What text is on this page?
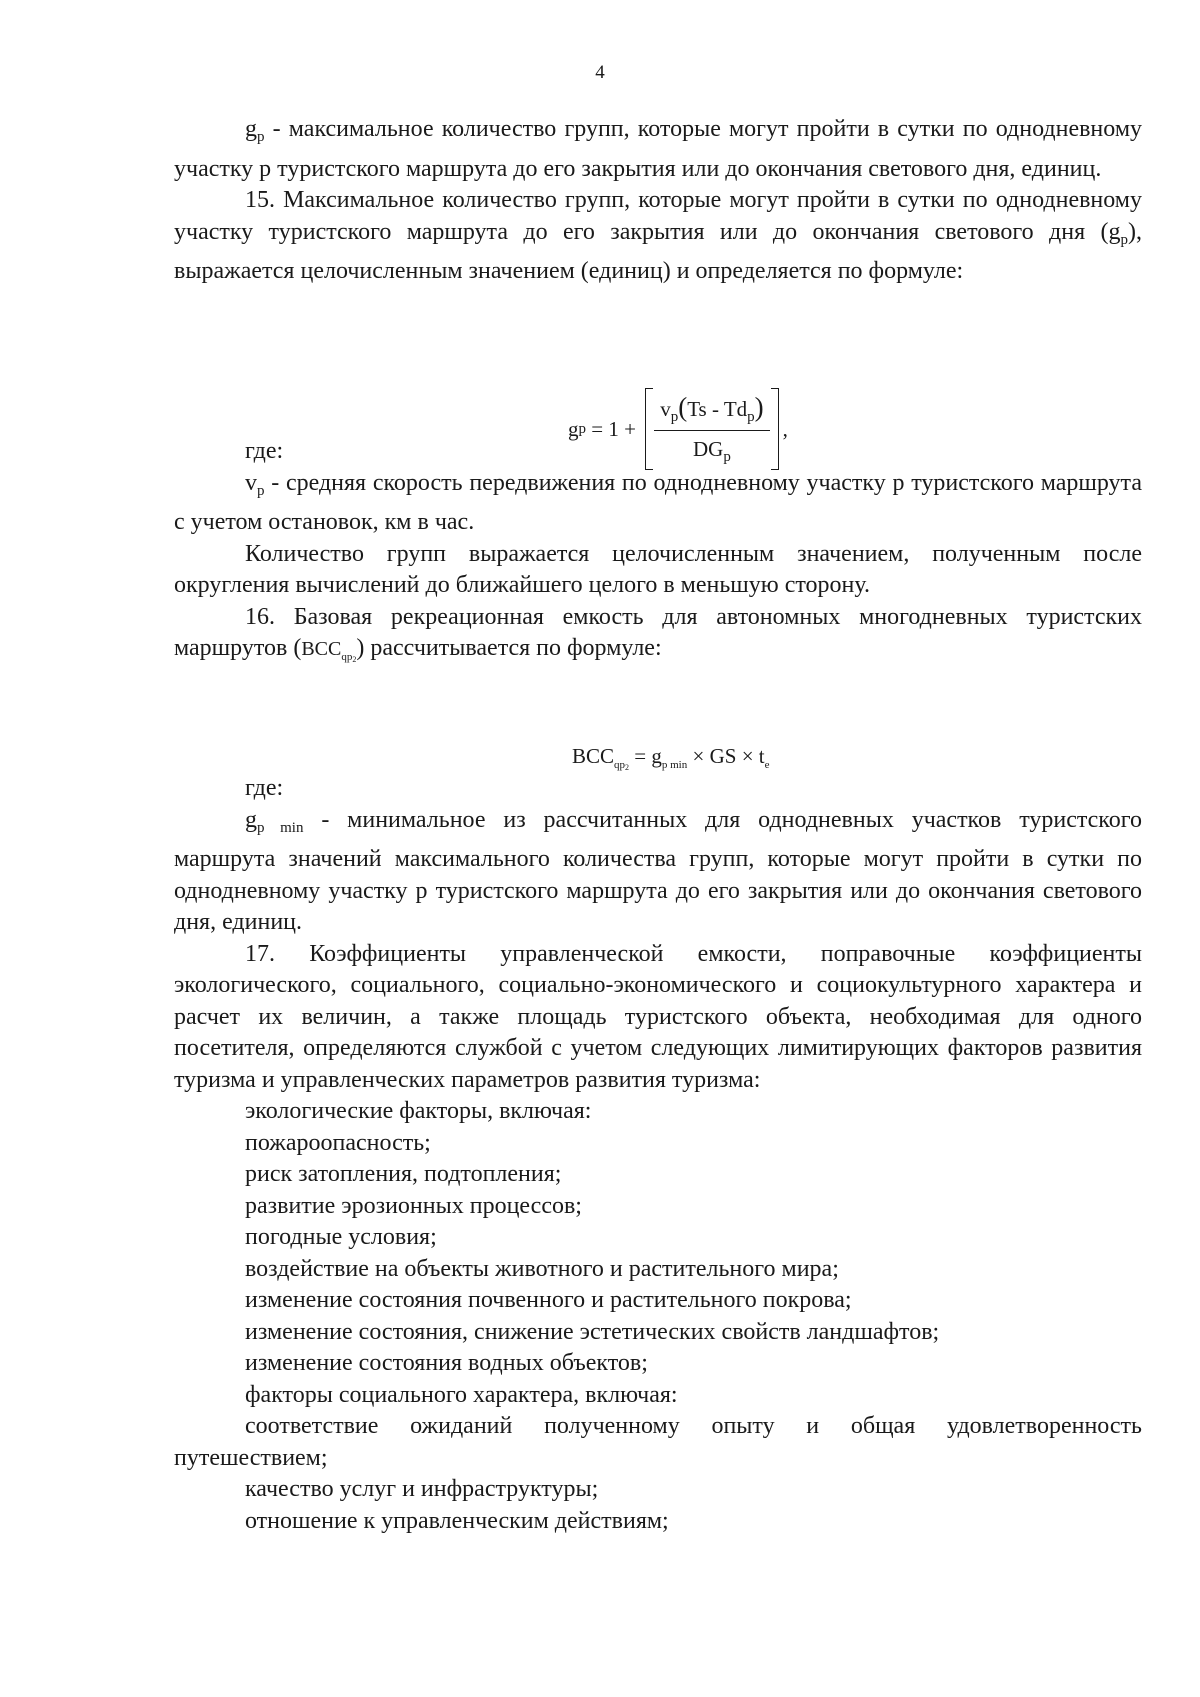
4

$g_p$ - максимальное количество групп, которые могут пройти в сутки по однодневному участку р туристского маршрута до его закрытия или до окончания светового дня, единиц.

15. Максимальное количество групп, которые могут пройти в сутки по однодневному участку туристского маршрута до его закрытия или до окончания светового дня $(g_p)$, выражается целочисленным значением (единиц) и определяется по формуле:

g $p = 1 + \frac{v_p(Ts - Td_p)}{DG_p}$ ,

где:

$v_p$ - средняя скорость передвижения по однодневному участку р туристского маршрута с учетом остановок, км в час.

Количество групп выражается целочисленным значением, полученным после округления вычислений до ближайшего целого в меньшую сторону.

16. Базовая рекреационная емкость для автономных многодневных туристских маршрутов $(BCC_{qp2})$ рассчитывается по формуле:

$BCC_{qp2} = g_{p min}$ × GS × $t_e$

где:

$g_{p min}$ - минимальное из рассчитанных для однодневных участков туристского маршрута значений максимального количества групп, которые могут пройти в сутки по однодневному участку р туристского маршрута до его закрытия или до окончания светового дня, единиц.

17. Коэффициенты управленческой емкости, поправочные коэффициенты экологического, социального, социально-экономического и социокультурного характера и расчет их величин, а также площадь туристского объекта, необходимая для одного посетителя, определяются службой с учетом следующих лимитирующих факторов развития туризма и управленческих параметров развития туризма:

экологические факторы, включая:

пожароопасность;

риск затопления, подтопления;

развитие эрозионных процессов;

погодные условия;

воздействие на объекты животного и растительного мира;

изменение состояния почвенного и растительного покрова;

изменение состояния, снижение эстетических свойств ландшафтов;

изменение состояния водных объектов;

факторы социального характера, включая:

соответствие ожиданий полученному опыту и общая удовлетворенность путешествием;

качество услуг и инфраструктуры;

отношение к управленческим действиям;
